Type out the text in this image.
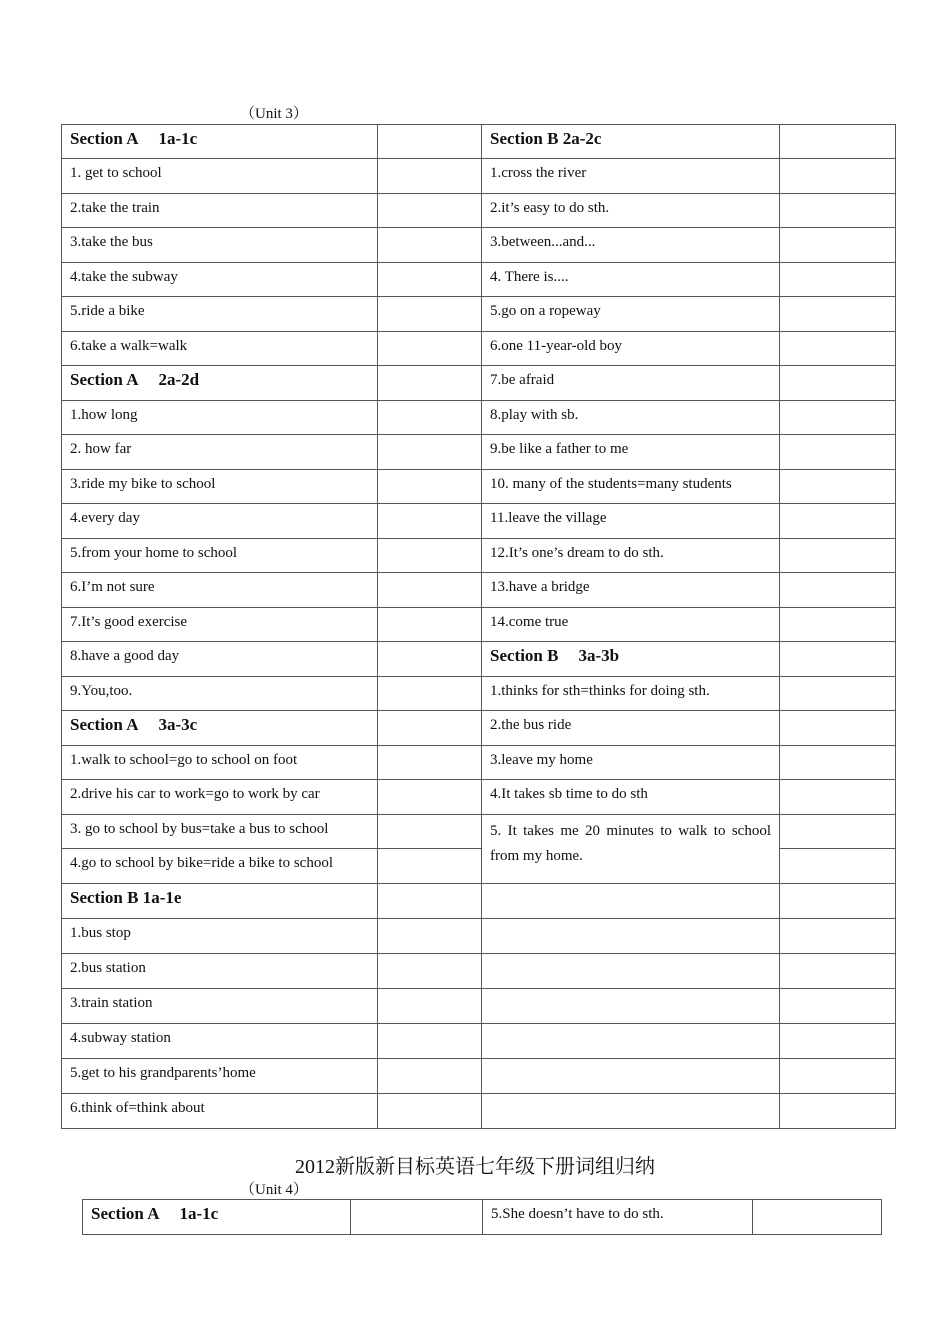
（Unit 3）
Section A 1a-1c		Section B 2a-2c	
1. get to school		1.cross the river	
2.take the train		2.it’s easy to do sth.	
3.take the bus		3.between...and...	
4.take the subway		4. There is....	
5.ride a bike		5.go on a ropeway	
6.take a walk=walk		6.one 11-year-old boy	
Section A 2a-2d		7.be afraid	
1.how long		8.play with sb.	
2. how far		9.be like a father to me	
3.ride my bike to school		10. many of the students=many students	
4.every day		11.leave the village	
5.from your home to school		12.It’s one’s dream to do sth.	
6.I’m not sure		13.have a bridge	
7.It’s good exercise		14.come true	
8.have a good day		Section B 3a-3b	
9.You,too.		1.thinks for sth=thinks for doing sth.	
Section A 3a-3c		2.the bus ride	
1.walk to school=go to school on foot		3.leave my home	
2.drive his car to work=go to work by car		4.It takes sb time to do sth	
3. go to school by bus=take a bus to school		5. It takes me 20 minutes to walk to school from my home.	
4.go to school by bike=ride a bike to school			
Section B 1a-1e			
1.bus stop			
2.bus station			
3.train station			
4.subway station			
5.get to his grandparents’home			
6.think of=think about			
2012新版新目标英语七年级下册词组归纳
（Unit 4）
Section A 1a-1c		5.She doesn’t have to do sth.	
